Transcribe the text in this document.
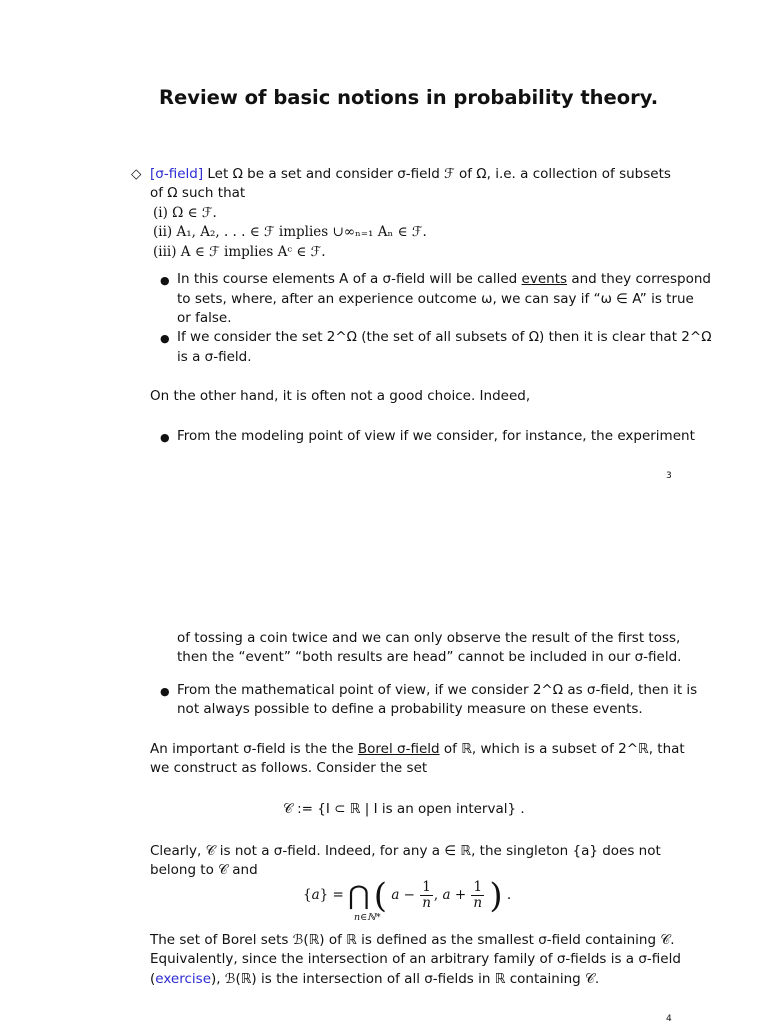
Review of basic notions in probability theory.
◇ [σ-field] Let Ω be a set and consider σ-field ℱ of Ω, i.e. a collection of subsets
of Ω such that
(i) Ω ∈ ℱ.
(ii) A₁, A₂, . . . ∈ ℱ implies ∪∞ₙ₌₁ Aₙ ∈ ℱ.
(iii) A ∈ ℱ implies Aᶜ ∈ ℱ.
● In this course elements A of a σ-field will be called events and they correspond
to sets, where, after an experience outcome ω, we can say if “ω ∈ A” is true
or false.
● If we consider the set 2^Ω (the set of all subsets of Ω) then it is clear that 2^Ω
is a σ-field.
On the other hand, it is often not a good choice. Indeed,
● From the modeling point of view if we consider, for instance, the experiment
3
of tossing a coin twice and we can only observe the result of the first toss,
then the “event” “both results are head” cannot be included in our σ-field.
● From the mathematical point of view, if we consider 2^Ω as σ-field, then it is
not always possible to define a probability measure on these events.
An important σ-field is the the Borel σ-field of ℝ, which is a subset of 2^ℝ, that
we construct as follows. Consider the set
𝒞 := {I ⊂ ℝ | I is an open interval} .
Clearly, 𝒞 is not a σ-field. Indeed, for any a ∈ ℝ, the singleton {a} does not
belong to 𝒞 and
{a} = ⋂ ( $a - \frac{1}{n}$ , $a + \frac{1}{n}$ ) .
n∈ℕ*
The set of Borel sets ℬ(ℝ) of ℝ is defined as the smallest σ-field containing 𝒞.
Equivalently, since the intersection of an arbitrary family of σ-fields is a σ-field
(exercise), ℬ(ℝ) is the intersection of all σ-fields in ℝ containing 𝒞.
4
